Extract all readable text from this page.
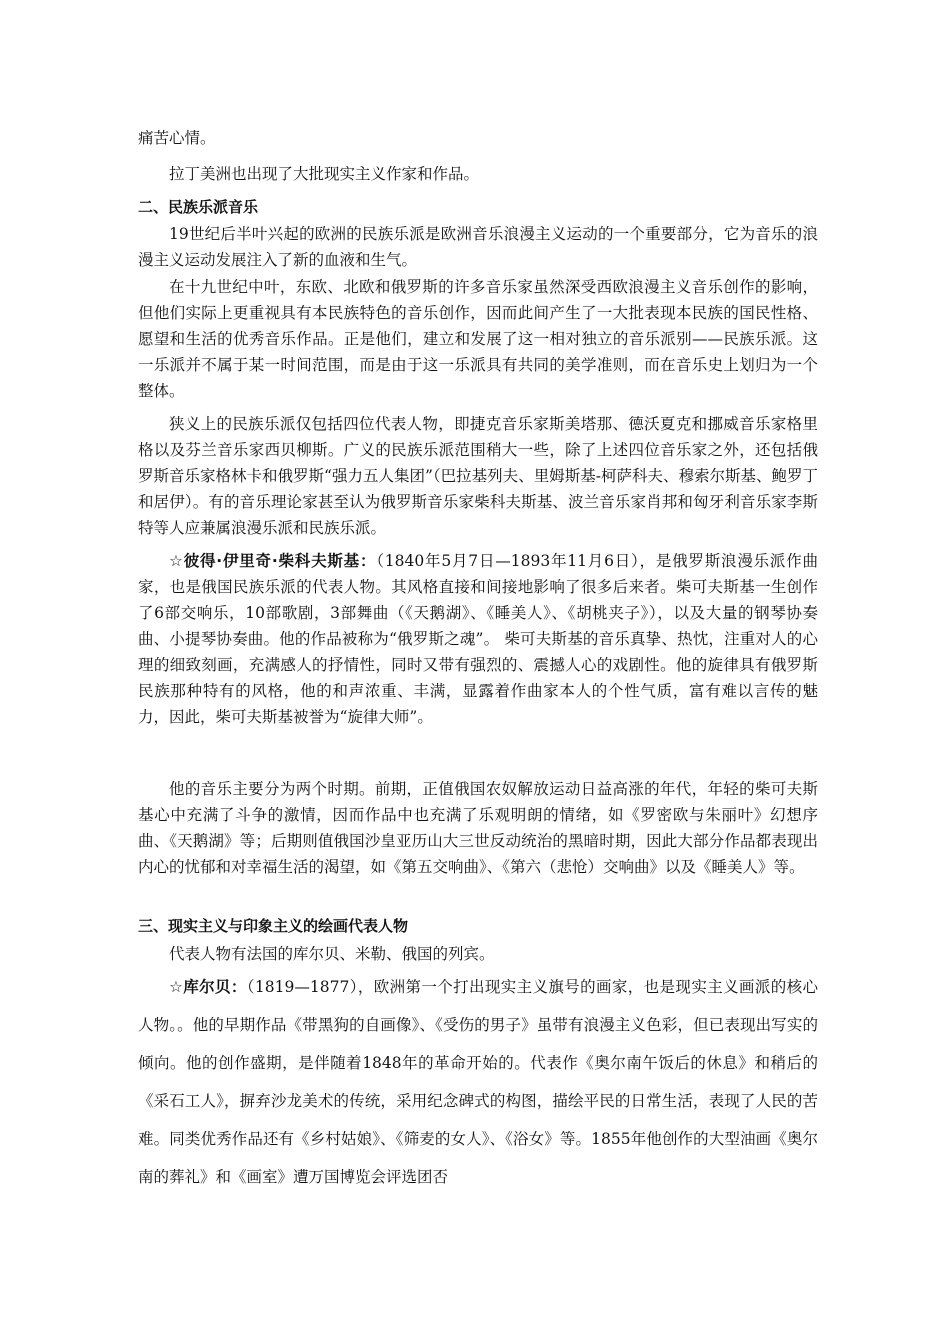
痛苦心情。

拉丁美洲也出现了大批现实主义作家和作品。

二、民族乐派音乐

19世纪后半叶兴起的欧洲的民族乐派是欧洲音乐浪漫主义运动的一个重要部分，它为音乐的浪漫主义运动发展注入了新的血液和生气。

在十九世纪中叶，东欧、北欧和俄罗斯的许多音乐家虽然深受西欧浪漫主义音乐创作的影响，但他们实际上更重视具有本民族特色的音乐创作，因而此间产生了一大批表现本民族的国民性格、愿望和生活的优秀音乐作品。正是他们，建立和发展了这一相对独立的音乐派别——民族乐派。这一乐派并不属于某一时间范围，而是由于这一乐派具有共同的美学准则，而在音乐史上划归为一个整体。

狭义上的民族乐派仅包括四位代表人物，即捷克音乐家斯美塔那、德沃夏克和挪威音乐家格里格以及芬兰音乐家西贝柳斯。广义的民族乐派范围稍大一些，除了上述四位音乐家之外，还包括俄罗斯音乐家格林卡和俄罗斯“强力五人集团”（巴拉基列夫、里姆斯基-柯萨科夫、穆索尔斯基、鲍罗丁和居伊）。有的音乐理论家甚至认为俄罗斯音乐家柴科夫斯基、波兰音乐家肖邦和匈牙利音乐家李斯特等人应兼属浪漫乐派和民族乐派。

☆彼得·伊里奇·柴科夫斯基：（1840年5月7日—1893年11月6日），是俄罗斯浪漫乐派作曲家，也是俄国民族乐派的代表人物。其风格直接和间接地影响了很多后来者。柴可夫斯基一生创作了6部交响乐，10部歌剧，3部舞曲（《天鹅湖》、《睡美人》、《胡桃夹子》），以及大量的钢琴协奏曲、小提琴协奏曲。他的作品被称为“俄罗斯之魂”。 柴可夫斯基的音乐真挚、热忱，注重对人的心理的细致刻画，充满感人的抒情性，同时又带有强烈的、震撼人心的戏剧性。他的旋律具有俄罗斯民族那种特有的风格，他的和声浓重、丰满，显露着作曲家本人的个性气质，富有难以言传的魅力，因此，柴可夫斯基被誉为“旋律大师”。

他的音乐主要分为两个时期。前期，正值俄国农奴解放运动日益高涨的年代，年轻的柴可夫斯基心中充满了斗争的激情，因而作品中也充满了乐观明朗的情绪，如《罗密欧与朱丽叶》幻想序曲、《天鹅湖》等；后期则值俄国沙皇亚历山大三世反动统治的黑暗时期，因此大部分作品都表现出内心的忧郁和对幸福生活的渴望，如《第五交响曲》、《第六（悲怆）交响曲》以及《睡美人》等。

三、现实主义与印象主义的绘画代表人物

代表人物有法国的库尔贝、米勒、俄国的列宾。

☆库尔贝：（1819—1877），欧洲第一个打出现实主义旗号的画家，也是现实主义画派的核心人物。。他的早期作品《带黑狗的自画像》、《受伤的男子》虽带有浪漫主义色彩，但已表现出写实的倾向。他的创作盛期，是伴随着1848年的革命开始的。代表作《奥尔南午饭后的休息》和稍后的《采石工人》，摒弃沙龙美术的传统，采用纪念碑式的构图，描绘平民的日常生活，表现了人民的苦难。同类优秀作品还有《乡村姑娘》、《筛麦的女人》、《浴女》等。1855年他创作的大型油画《奥尔南的葬礼》和《画室》遭万国博览会评选团否
